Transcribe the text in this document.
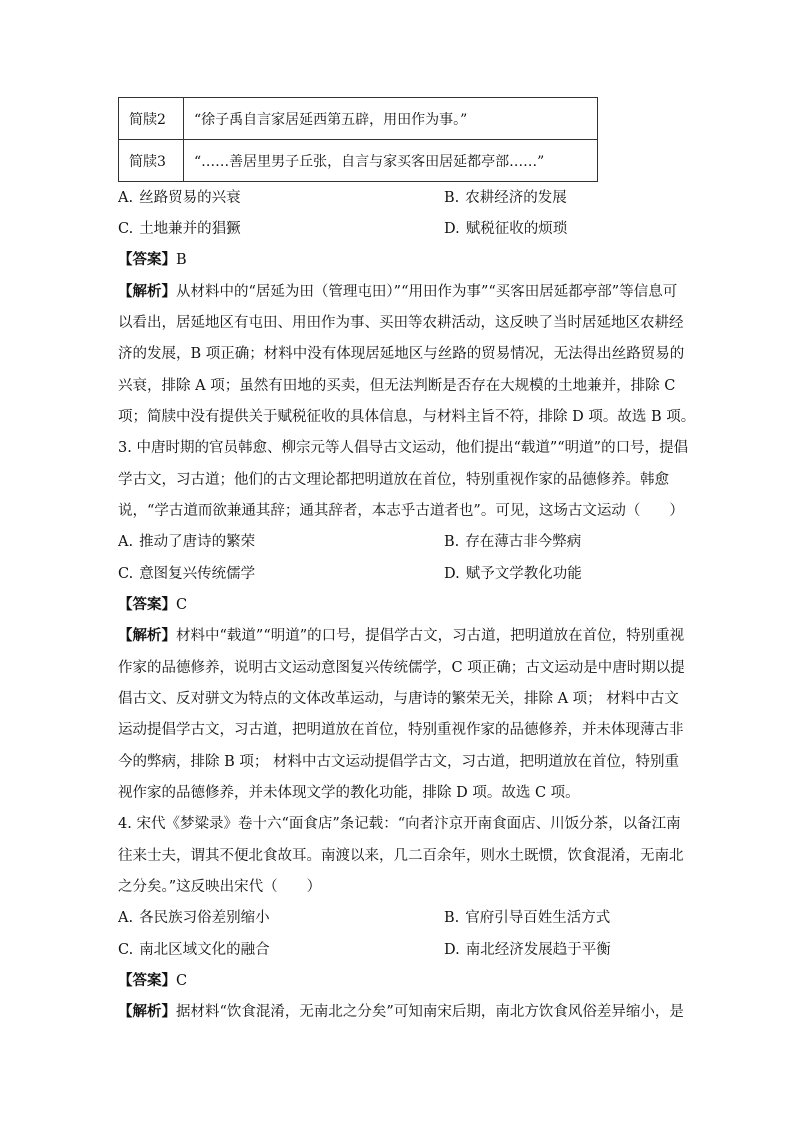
简牍2	“徐子禹自言家居延西第五辟，用田作为事。”
简牍3	“……善居里男子丘张，自言与家买客田居延都亭部……”
A. 丝路贸易的兴衰	B. 农耕经济的发展
C. 土地兼并的猖獗	D. 赋税征收的烦琐
【答案】B
【解析】从材料中的“居延为田（管理屯田）”“用田作为事”“买客田居延都亭部”等信息可
以看出，居延地区有屯田、用田作为事、买田等农耕活动，这反映了当时居延地区农耕经
济的发展，B 项正确；材料中没有体现居延地区与丝路的贸易情况，无法得出丝路贸易的
兴衰，排除 A 项；虽然有田地的买卖，但无法判断是否存在大规模的土地兼并，排除 C
项；简牍中没有提供关于赋税征收的具体信息，与材料主旨不符，排除 D 项。故选 B 项。
3. 中唐时期的官员韩愈、柳宗元等人倡导古文运动，他们提出“载道”“明道”的口号，提倡
学古文，习古道；他们的古文理论都把明道放在首位，特别重视作家的品德修养。韩愈
说，“学古道而欲兼通其辞；通其辞者，本志乎古道者也”。可见，这场古文运动（　　）
A. 推动了唐诗的繁荣	B. 存在薄古非今弊病
C. 意图复兴传统儒学	D. 赋予文学教化功能
【答案】C
【解析】材料中“载道”“明道”的口号，提倡学古文，习古道，把明道放在首位，特别重视
作家的品德修养，说明古文运动意图复兴传统儒学，C 项正确；古文运动是中唐时期以提
倡古文、反对骈文为特点的文体改革运动，与唐诗的繁荣无关，排除 A 项； 材料中古文
运动提倡学古文，习古道，把明道放在首位，特别重视作家的品德修养，并未体现薄古非
今的弊病，排除 B 项； 材料中古文运动提倡学古文，习古道，把明道放在首位，特别重
视作家的品德修养，并未体现文学的教化功能，排除 D 项。故选 C 项。
4. 宋代《梦粱录》卷十六“面食店”条记载：“向者汴京开南食面店、川饭分茶，以备江南
往来士夫，谓其不便北食故耳。南渡以来，几二百余年，则水土既惯，饮食混淆，无南北
之分矣。”这反映出宋代（　　）
A. 各民族习俗差别缩小	B. 官府引导百姓生活方式
C. 南北区域文化的融合	D. 南北经济发展趋于平衡
【答案】C
【解析】据材料“饮食混淆，无南北之分矣”可知南宋后期，南北方饮食风俗差异缩小，是
